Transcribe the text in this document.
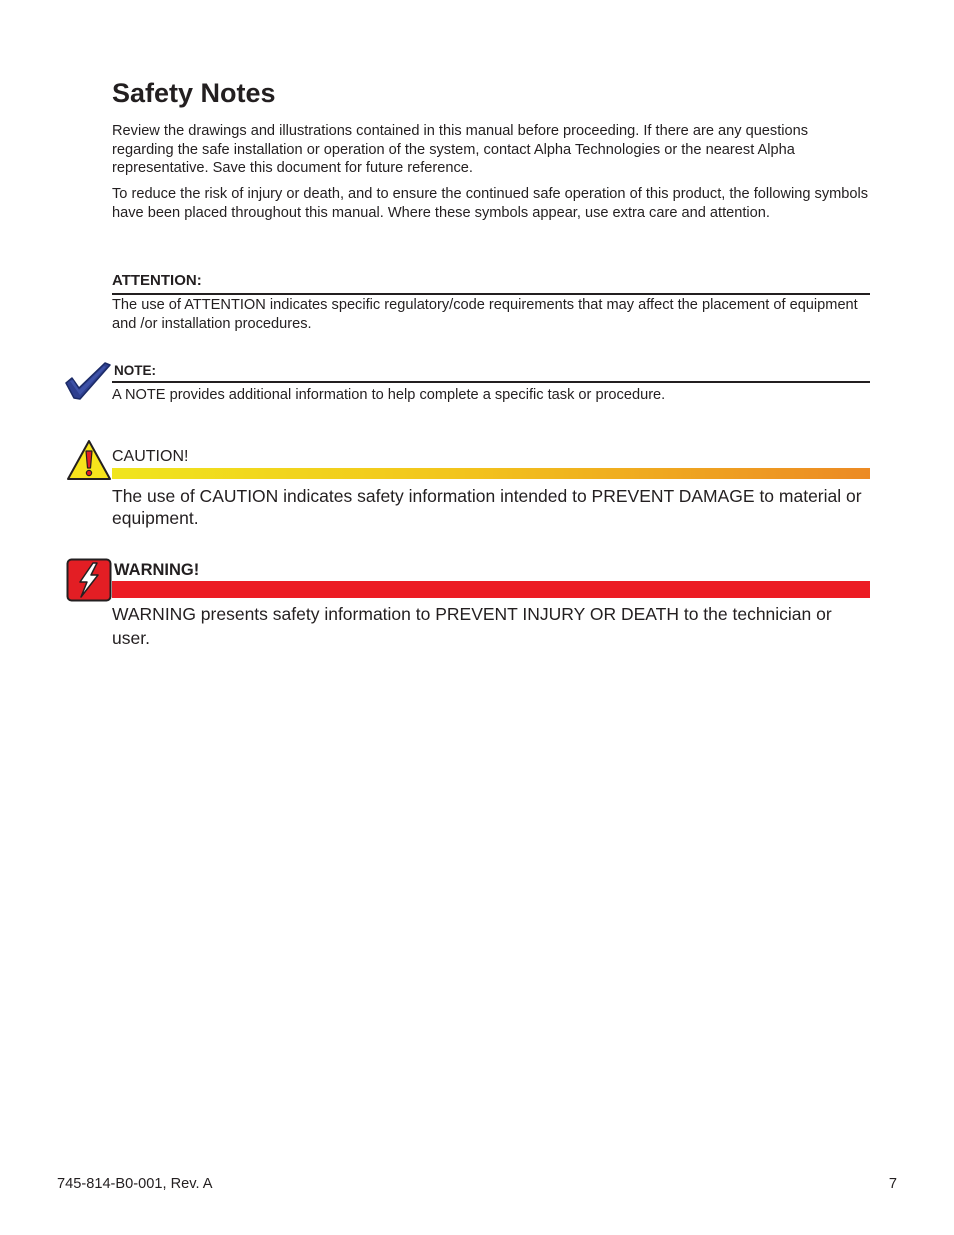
Safety Notes

Review the drawings and illustrations contained in this manual before proceeding. If there are any questions regarding the safe installation or operation of the system, contact Alpha Technologies or the nearest Alpha representative. Save this document for future reference.

To reduce the risk of injury or death, and to ensure the continued safe operation of this product, the following symbols have been placed throughout this manual. Where these symbols appear, use extra care and attention.

ATTENTION:

The use of ATTENTION indicates specific regulatory/code requirements that may affect the placement of equipment and /or installation procedures.

NOTE:

A NOTE provides additional information to help complete a specific task or procedure.

CAUTION!

The use of CAUTION indicates safety information intended to PREVENT DAMAGE to material or equipment.

WARNING!

WARNING presents safety information to PREVENT INJURY OR DEATH to the technician or user.

745-814-B0-001, Rev. A	7
